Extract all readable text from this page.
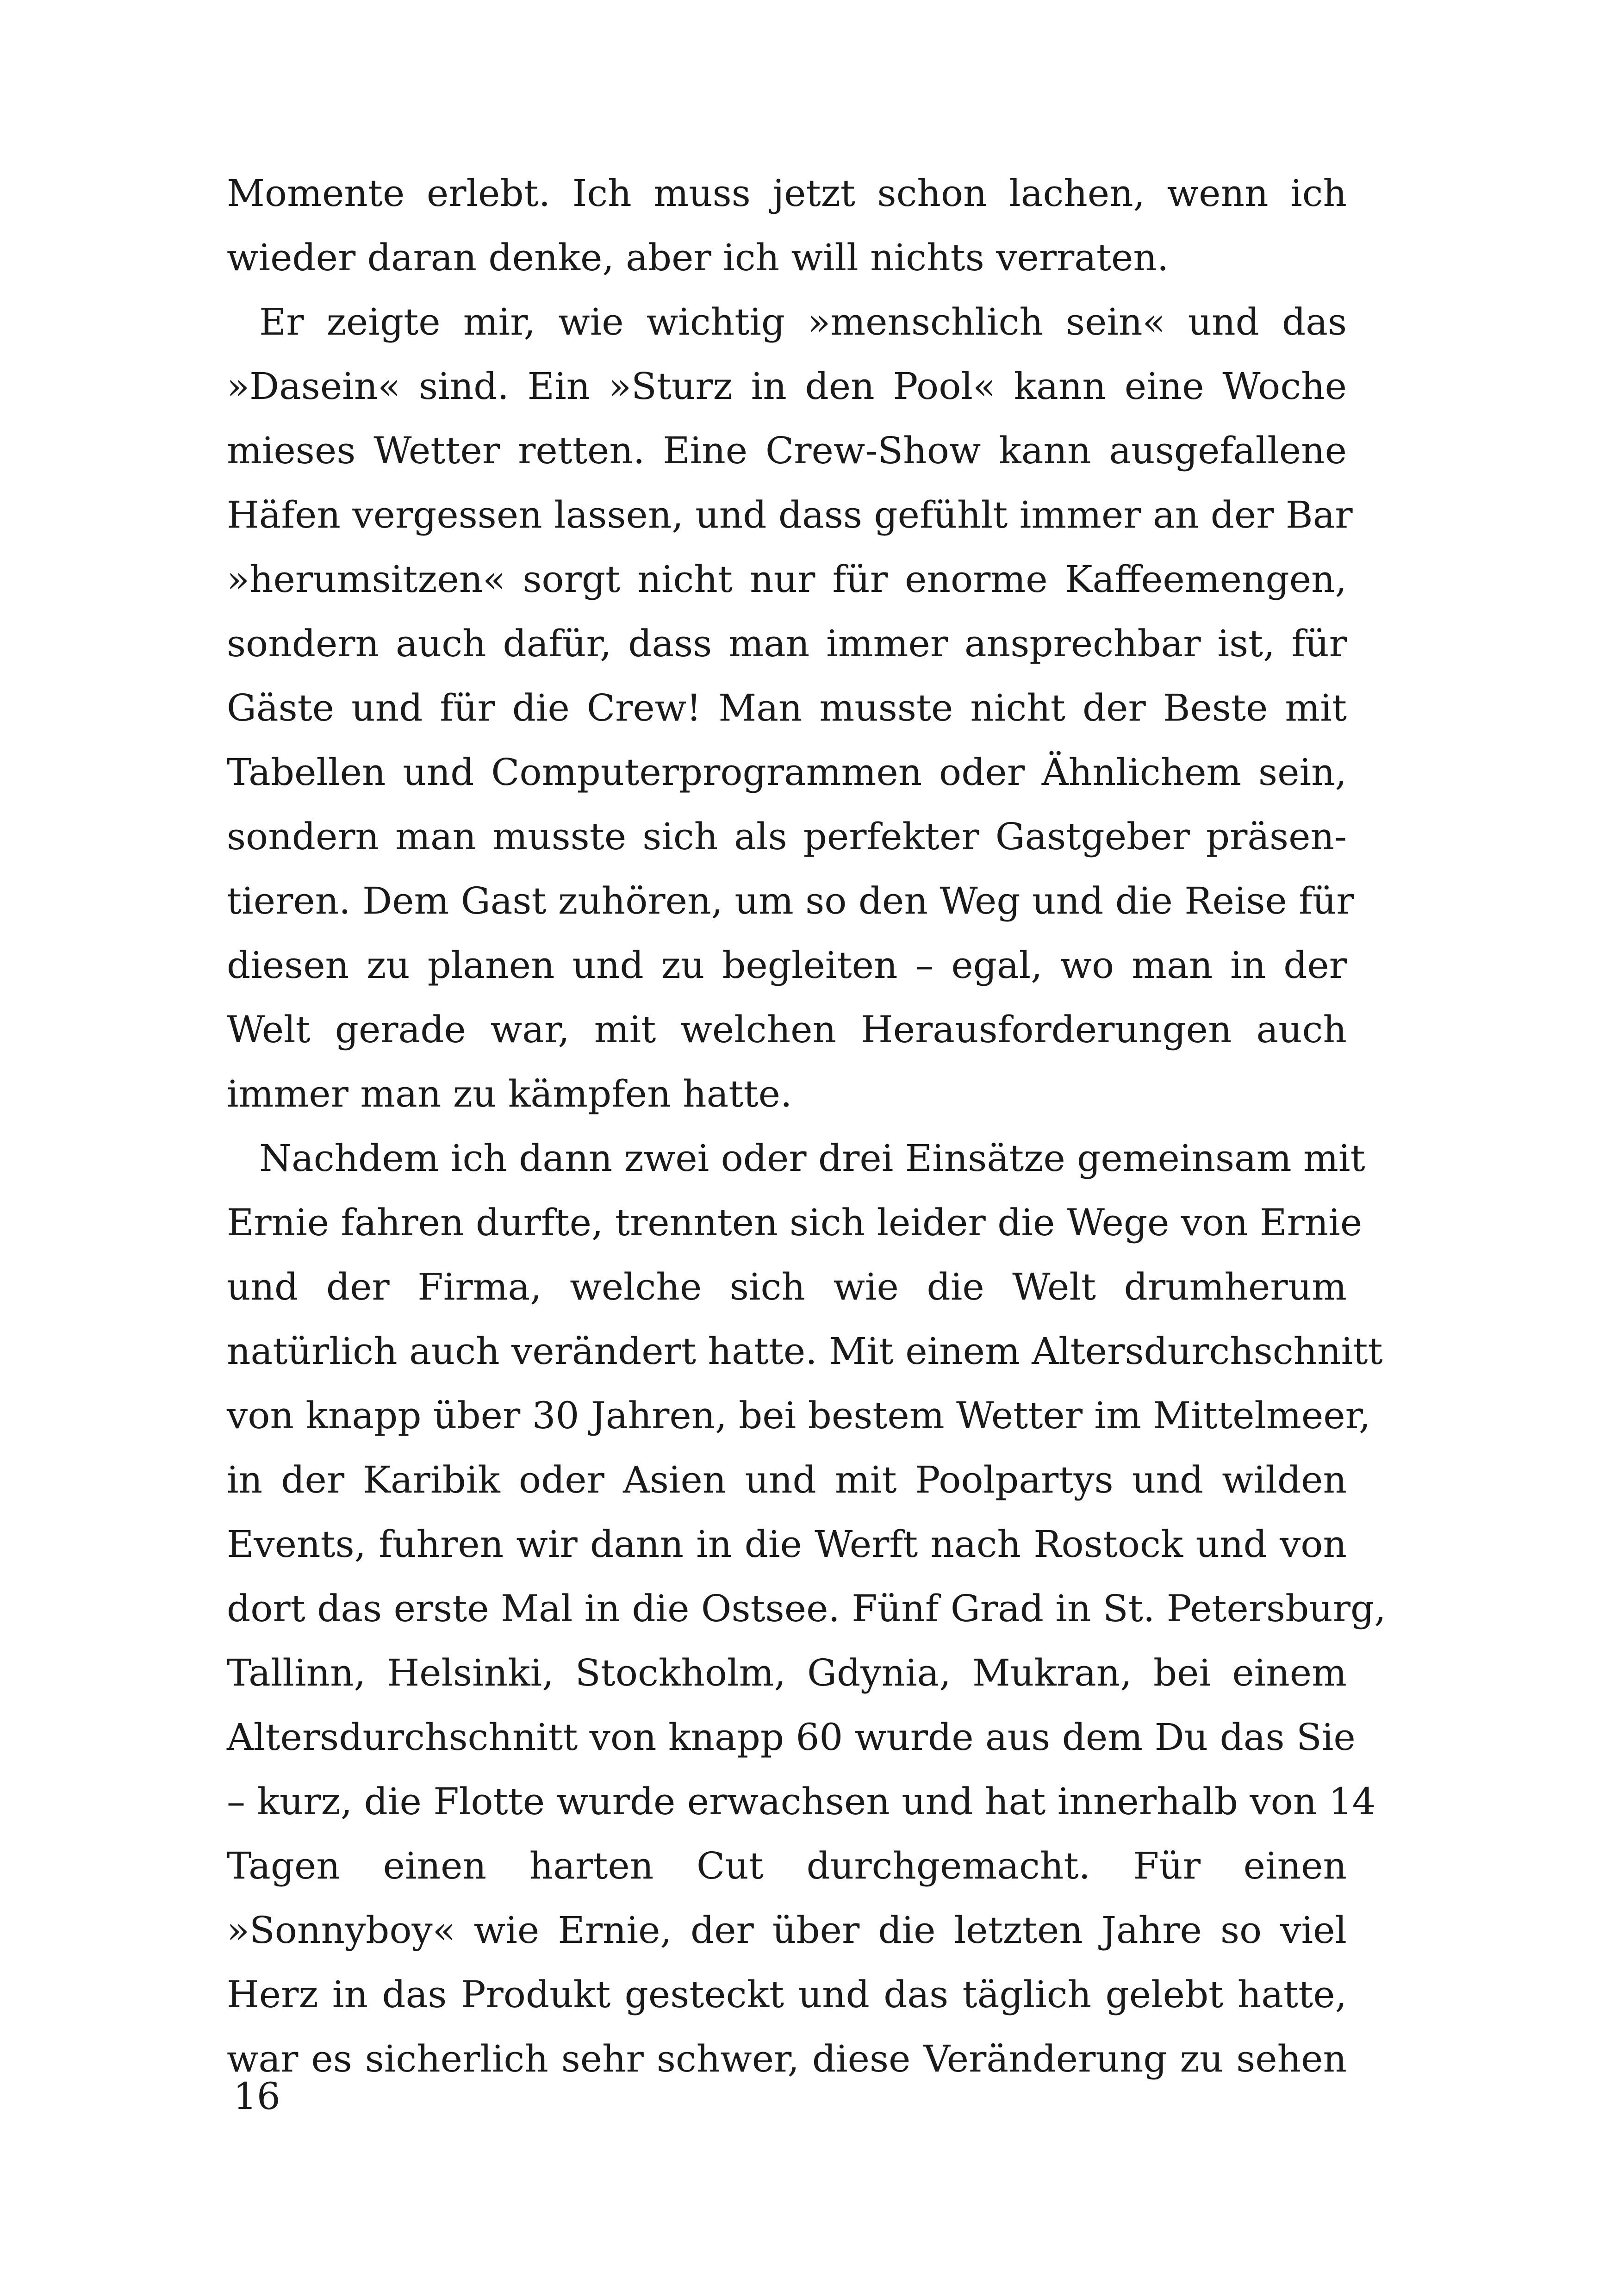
Momente erlebt. Ich muss jetzt schon lachen, wenn ich
wieder daran denke, aber ich will nichts verraten.
Er zeigte mir, wie wichtig »menschlich sein« und das
»Dasein« sind. Ein »Sturz in den Pool« kann eine Woche
mieses Wetter retten. Eine Crew-Show kann ausgefallene
Häfen vergessen lassen, und dass gefühlt immer an der Bar
»herumsitzen« sorgt nicht nur für enorme Kaffeemengen,
sondern auch dafür, dass man immer ansprechbar ist, für
Gäste und für die Crew! Man musste nicht der Beste mit
Tabellen und Computerprogrammen oder Ähnlichem sein,
sondern man musste sich als perfekter Gastgeber präsen-
tieren. Dem Gast zuhören, um so den Weg und die Reise für
diesen zu planen und zu begleiten – egal, wo man in der
Welt gerade war, mit welchen Herausforderungen auch
immer man zu kämpfen hatte.
Nachdem ich dann zwei oder drei Einsätze gemeinsam mit
Ernie fahren durfte, trennten sich leider die Wege von Ernie
und der Firma, welche sich wie die Welt drumherum
natürlich auch verändert hatte. Mit einem Altersdurchschnitt
von knapp über 30 Jahren, bei bestem Wetter im Mittelmeer,
in der Karibik oder Asien und mit Poolpartys und wilden
Events, fuhren wir dann in die Werft nach Rostock und von
dort das erste Mal in die Ostsee. Fünf Grad in St. Petersburg,
Tallinn, Helsinki, Stockholm, Gdynia, Mukran, bei einem
Altersdurchschnitt von knapp 60 wurde aus dem Du das Sie
– kurz, die Flotte wurde erwachsen und hat innerhalb von 14
Tagen einen harten Cut durchgemacht. Für einen
»Sonnyboy« wie Ernie, der über die letzten Jahre so viel
Herz in das Produkt gesteckt und das täglich gelebt hatte,
war es sicherlich sehr schwer, diese Veränderung zu sehen
16
